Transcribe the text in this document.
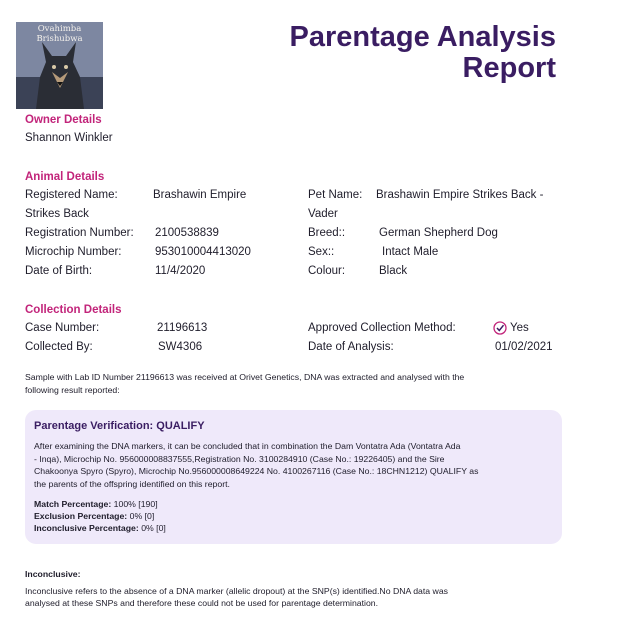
Ovahimba Brishubwa	Parentage Analysis
Report
Owner Details
Shannon Winkler
Animal Details
Registered Name:	Brashawin Empire
Strikes Back
Registration Number: 2100538839
Microchip Number:	953010004413020
Date of Birth:	11/4/2020
Pet Name: Brashawin Empire Strikes Back -
Vader
Breed::	German Shepherd Dog
Sex::	Intact Male
Colour:	Black
Collection Details
Case Number:	21196613
Collected By:	SW4306
Approved Collection Method:	Yes
Date of Analysis:	01/02/2021
Sample with Lab ID Number 21196613 was received at Orivet Genetics, DNA was extracted and analysed with the
following result reported:
Parentage Verification: QUALIFY
After examining the DNA markers, it can be concluded that in combination the Dam Vontatra Ada (Vontatra Ada
- Inqa), Microchip No. 956000008837555,Registration No. 3100284910 (Case No.: 19226405) and the Sire
Chakoonya Spyro (Spyro), Microchip No.956000008649224 No. 4100267116 (Case No.: 18CHN1212) QUALIFY as
the parents of the offspring identified on this report.
Match Percentage: 100% [190]
Exclusion Percentage: 0% [0]
Inconclusive Percentage: 0% [0]
Inconclusive:
Inconclusive refers to the absence of a DNA marker (allelic dropout) at the SNP(s) identified.No DNA data was
analysed at these SNPs and therefore these could not be used for parentage determination.
